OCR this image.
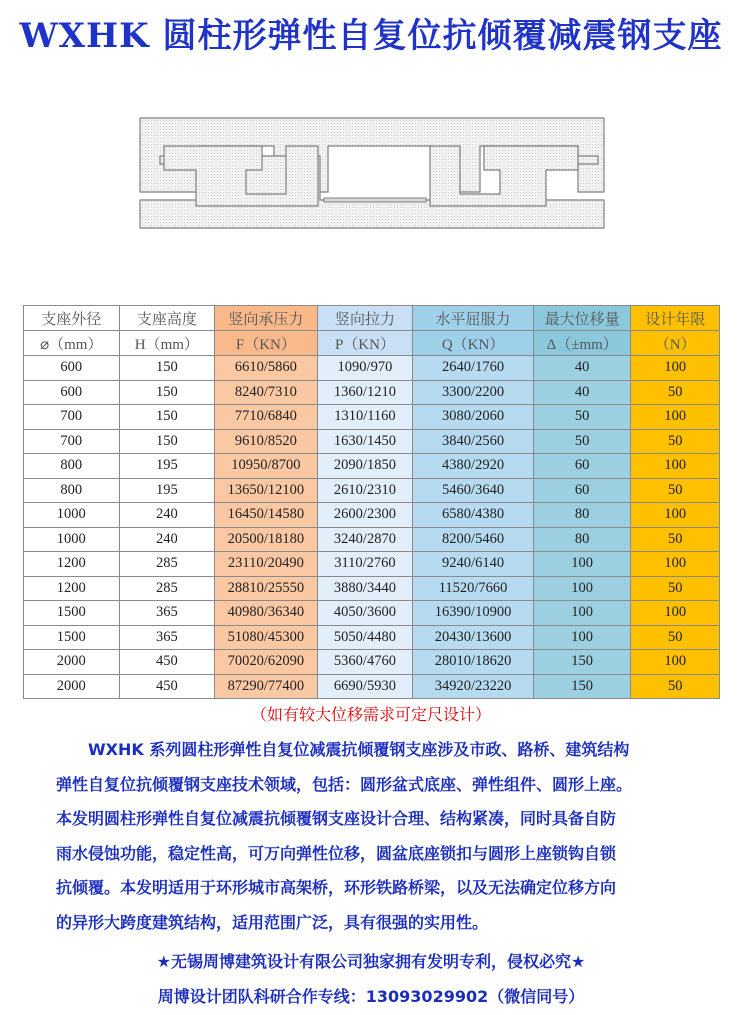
WXHK 圆柱形弹性自复位抗倾覆减震钢支座
支座外径	支座高度	竖向承压力	竖向拉力	水平屈服力	最大位移量	设计年限
⌀（mm）	H（mm）	F（KN）	P（KN）	Q（KN）	Δ（±mm）	（N）
600	150	6610/5860	1090/970	2640/1760	40	100
600	150	8240/7310	1360/1210	3300/2200	40	50
700	150	7710/6840	1310/1160	3080/2060	50	100
700	150	9610/8520	1630/1450	3840/2560	50	50
800	195	10950/8700	2090/1850	4380/2920	60	100
800	195	13650/12100	2610/2310	5460/3640	60	50
1000	240	16450/14580	2600/2300	6580/4380	80	100
1000	240	20500/18180	3240/2870	8200/5460	80	50
1200	285	23110/20490	3110/2760	9240/6140	100	100
1200	285	28810/25550	3880/3440	11520/7660	100	50
1500	365	40980/36340	4050/3600	16390/10900	100	100
1500	365	51080/45300	5050/4480	20430/13600	100	50
2000	450	70020/62090	5360/4760	28010/18620	150	100
2000	450	87290/77400	6690/5930	34920/23220	150	50
（如有较大位移需求可定尺设计）

　　WXHK 系列圆柱形弹性自复位减震抗倾覆钢支座涉及市政、路桥、建筑结构

弹性自复位抗倾覆钢支座技术领域，包括：圆形盆式底座、弹性组件、圆形上座。

本发明圆柱形弹性自复位减震抗倾覆钢支座设计合理、结构紧凑，同时具备自防

雨水侵蚀功能，稳定性高，可万向弹性位移，圆盆底座锁扣与圆形上座锁钩自锁

抗倾覆。本发明适用于环形城市高架桥，环形铁路桥梁，以及无法确定位移方向

的异形大跨度建筑结构，适用范围广泛，具有很强的实用性。

★无锡周博建筑设计有限公司独家拥有发明专利，侵权必究★
周博设计团队科研合作专线：13093029902（微信同号）
